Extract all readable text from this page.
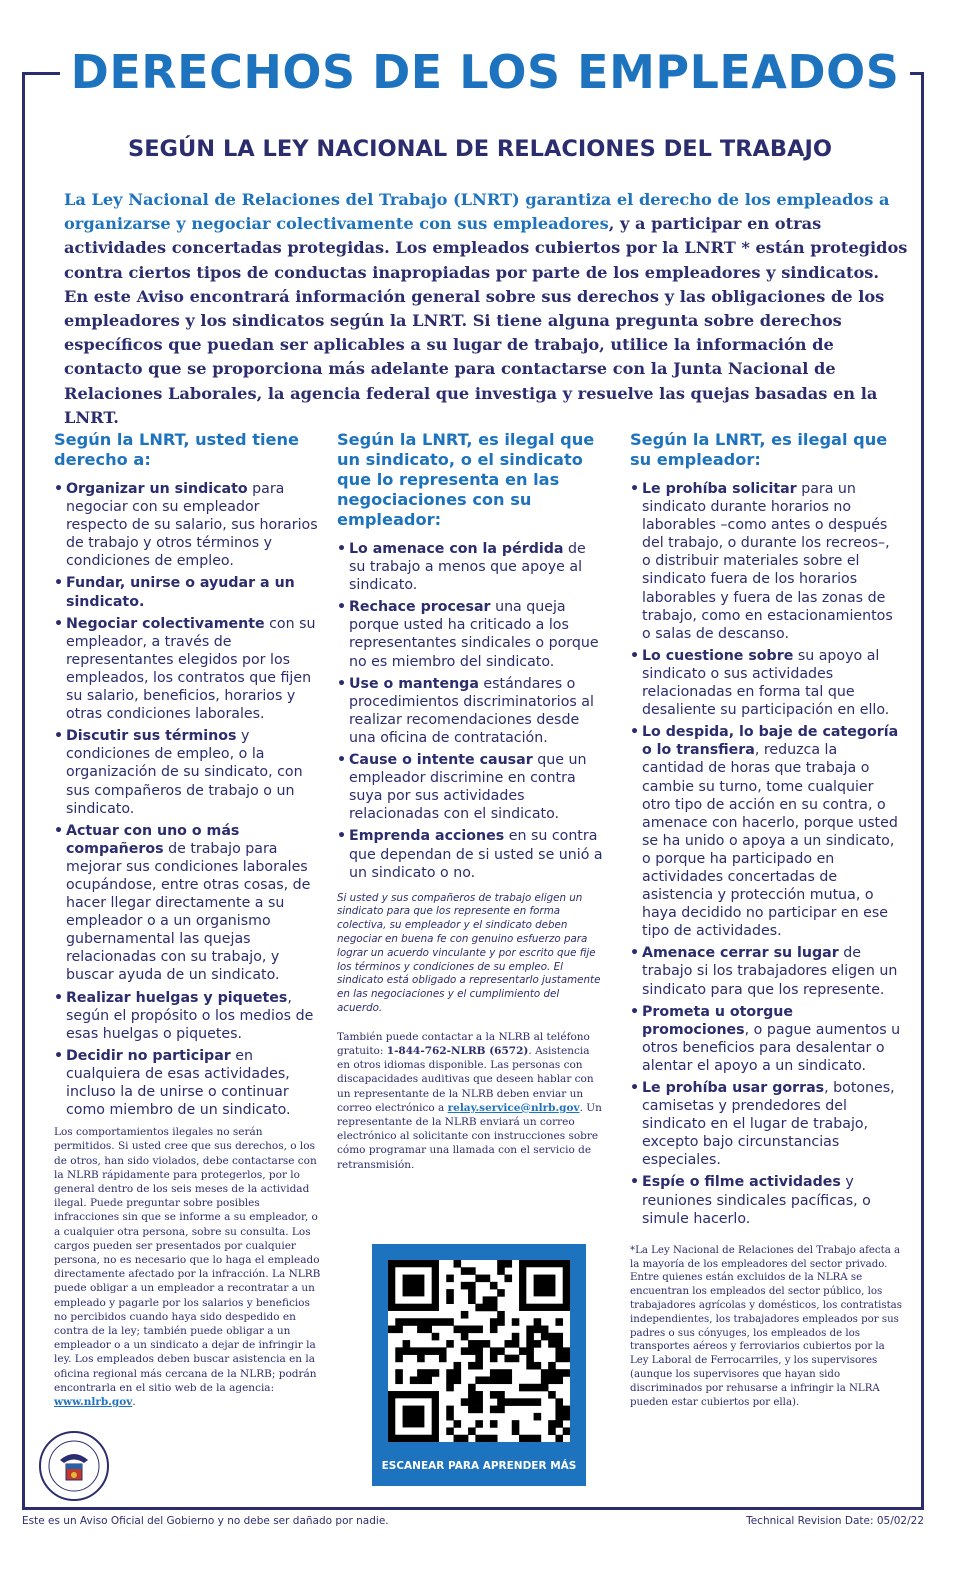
DERECHOS DE LOS EMPLEADOS
SEGÚN LA LEY NACIONAL DE RELACIONES DEL TRABAJO
La Ley Nacional de Relaciones del Trabajo (LNRT) garantiza el derecho de los empleados a organizarse y negociar colectivamente con sus empleadores, y a participar en otras actividades concertadas protegidas. Los empleados cubiertos por la LNRT * están protegidos contra ciertos tipos de conductas inapropiadas por parte de los empleadores y sindicatos. En este Aviso encontrará información general sobre sus derechos y las obligaciones de los empleadores y los sindicatos según la LNRT. Si tiene alguna pregunta sobre derechos específicos que puedan ser aplicables a su lugar de trabajo, utilice la información de contacto que se proporciona más adelante para contactarse con la Junta Nacional de Relaciones Laborales, la agencia federal que investiga y resuelve las quejas basadas en la LNRT.
Según la LNRT, usted tiene derecho a:
• Organizar un sindicato para negociar con su empleador respecto de su salario, sus horarios de trabajo y otros términos y condiciones de empleo.
• Fundar, unirse o ayudar a un sindicato.
• Negociar colectivamente con su empleador, a través de representantes elegidos por los empleados, los contratos que fijen su salario, beneficios, horarios y otras condiciones laborales.
• Discutir sus términos y condiciones de empleo, o la organización de su sindicato, con sus compañeros de trabajo o un sindicato.
• Actuar con uno o más compañeros de trabajo para mejorar sus condiciones laborales ocupándose, entre otras cosas, de hacer llegar directamente a su empleador o a un organismo gubernamental las quejas relacionadas con su trabajo, y buscar ayuda de un sindicato.
• Realizar huelgas y piquetes, según el propósito o los medios de esas huelgas o piquetes.
• Decidir no participar en cualquiera de esas actividades, incluso la de unirse o continuar como miembro de un sindicato.
Los comportamientos ilegales no serán permitidos. Si usted cree que sus derechos, o los de otros, han sido violados, debe contactarse con la NLRB rápidamente para protegerlos, por lo general dentro de los seis meses de la actividad ilegal. Puede preguntar sobre posibles infracciones sin que se informe a su empleador, o a cualquier otra persona, sobre su consulta. Los cargos pueden ser presentados por cualquier persona, no es necesario que lo haga el empleado directamente afectado por la infracción. La NLRB puede obligar a un empleador a recontratar a un empleado y pagarle por los salarios y beneficios no percibidos cuando haya sido despedido en contra de la ley; también puede obligar a un empleador o a un sindicato a dejar de infringir la ley. Los empleados deben buscar asistencia en la oficina regional más cercana de la NLRB; podrán encontrarla en el sitio web de la agencia: www.nlrb.gov.
Según la LNRT, es ilegal que un sindicato, o el sindicato que lo representa en las negociaciones con su empleador:
• Lo amenace con la pérdida de su trabajo a menos que apoye al sindicato.
• Rechace procesar una queja porque usted ha criticado a los representantes sindicales o porque no es miembro del sindicato.
• Use o mantenga estándares o procedimientos discriminatorios al realizar recomendaciones desde una oficina de contratación.
• Cause o intente causar que un empleador discrimine en contra suya por sus actividades relacionadas con el sindicato.
• Emprenda acciones en su contra que dependan de si usted se unió a un sindicato o no.
Si usted y sus compañeros de trabajo eligen un sindicato para que los represente en forma colectiva, su empleador y el sindicato deben negociar en buena fe con genuino esfuerzo para lograr un acuerdo vinculante y por escrito que fije los términos y condiciones de su empleo. El sindicato está obligado a representarlo justamente en las negociaciones y el cumplimiento del acuerdo.
También puede contactar a la NLRB al teléfono gratuito: 1-844-762-NLRB (6572). Asistencia en otros idiomas disponible. Las personas con discapacidades auditivas que deseen hablar con un representante de la NLRB deben enviar un correo electrónico a relay.service@nlrb.gov. Un representante de la NLRB enviará un correo electrónico al solicitante con instrucciones sobre cómo programar una llamada con el servicio de retransmisión.
ESCANEAR PARA APRENDER MÁS
Según la LNRT, es ilegal que su empleador:
• Le prohíba solicitar para un sindicato durante horarios no laborables –como antes o después del trabajo, o durante los recreos–, o distribuir materiales sobre el sindicato fuera de los horarios laborables y fuera de las zonas de trabajo, como en estacionamientos o salas de descanso.
• Lo cuestione sobre su apoyo al sindicato o sus actividades relacionadas en forma tal que desaliente su participación en ello.
• Lo despida, lo baje de categoría o lo transfiera, reduzca la cantidad de horas que trabaja o cambie su turno, tome cualquier otro tipo de acción en su contra, o amenace con hacerlo, porque usted se ha unido o apoya a un sindicato, o porque ha participado en actividades concertadas de asistencia y protección mutua, o haya decidido no participar en ese tipo de actividades.
• Amenace cerrar su lugar de trabajo si los trabajadores eligen un sindicato para que los represente.
• Prometa u otorgue promociones, o pague aumentos u otros beneficios para desalentar o alentar el apoyo a un sindicato.
• Le prohíba usar gorras, botones, camisetas y prendedores del sindicato en el lugar de trabajo, excepto bajo circunstancias especiales.
• Espíe o filme actividades y reuniones sindicales pacíficas, o simule hacerlo.
*La Ley Nacional de Relaciones del Trabajo afecta a la mayoría de los empleadores del sector privado. Entre quienes están excluidos de la NLRA se encuentran los empleados del sector público, los trabajadores agrícolas y domésticos, los contratistas independientes, los trabajadores empleados por sus padres o sus cónyuges, los empleados de los transportes aéreos y ferroviarios cubiertos por la Ley Laboral de Ferrocarriles, y los supervisores (aunque los supervisores que hayan sido discriminados por rehusarse a infringir la NLRA pueden estar cubiertos por ella).
Este es un Aviso Oficial del Gobierno y no debe ser dañado por nadie.	Technical Revision Date: 05/02/22
